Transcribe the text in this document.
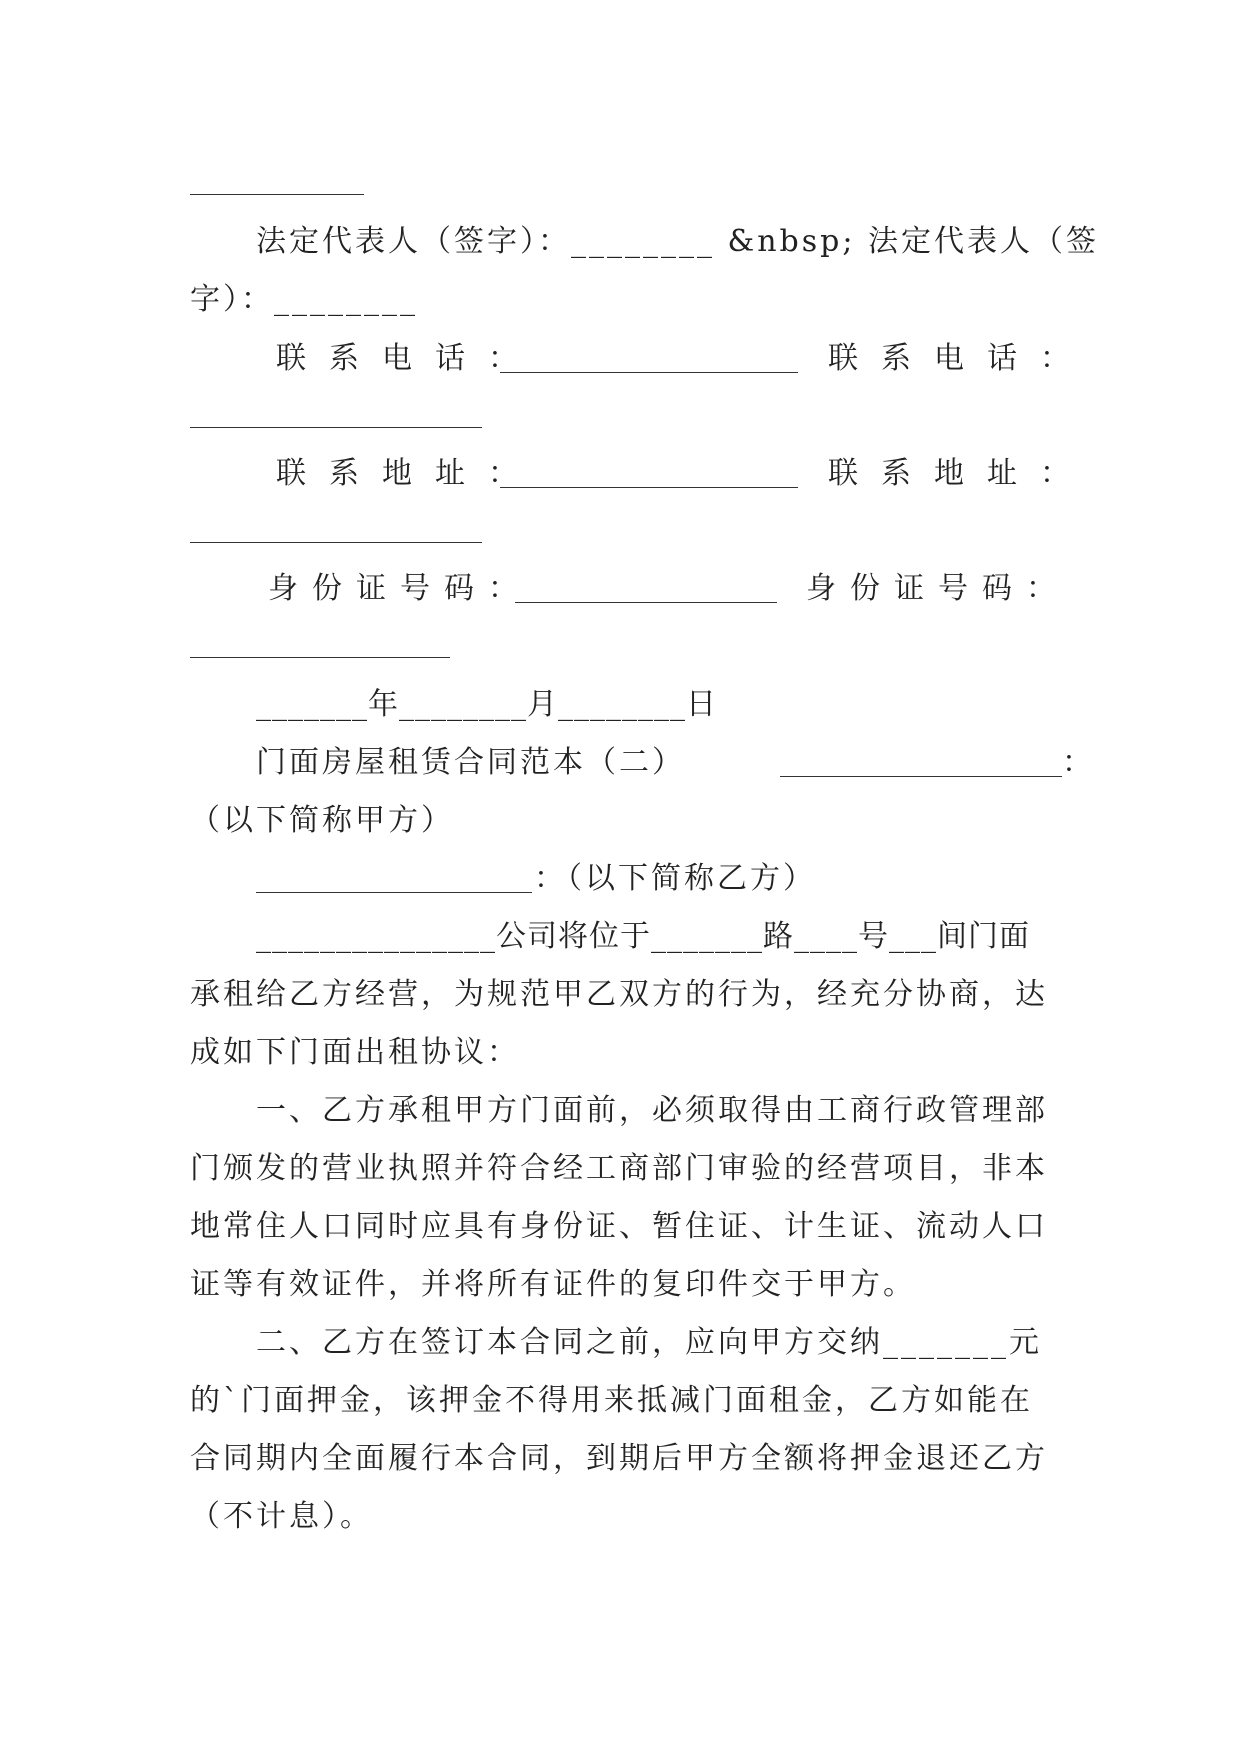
法定代表人（签字）：________ &nbsp; 法定代表人（签
字）：________
联系电话：	联系电话：
联系地址：	联系地址：
身份证号码：	身份证号码：
_______年________月________日
门面房屋租赁合同范本（二）	：
（以下简称甲方）
：（以下简称乙方）
_______________公司将位于_______路____号___间门面
承租给乙方经营，为规范甲乙双方的行为，经充分协商，达
成如下门面出租协议：
一、乙方承租甲方门面前，必须取得由工商行政管理部
门颁发的营业执照并符合经工商部门审验的经营项目，非本
地常住人口同时应具有身份证、暂住证、计生证、流动人口
证等有效证件，并将所有证件的复印件交于甲方。
二、乙方在签订本合同之前，应向甲方交纳_______元
的`门面押金，该押金不得用来抵减门面租金，乙方如能在
合同期内全面履行本合同，到期后甲方全额将押金退还乙方
（不计息）。
